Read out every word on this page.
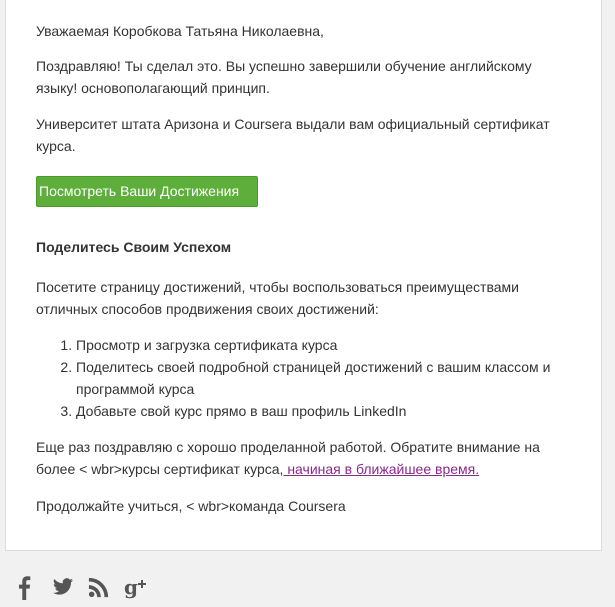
Уважаемая Коробкова Татьяна Николаевна,

Поздравляю! Ты сделал это. Вы успешно завершили обучение английскому языку! основополагающий принцип.

Университет штата Аризона и Coursera выдали вам официальный сертификат курса.

Посмотреть Ваши Достижения

Поделитесь Своим Успехом

Посетите страницу достижений, чтобы воспользоваться преимуществами отличных способов продвижения своих достижений:

1. Просмотр и загрузка сертификата курса
2. Поделитесь своей подробной страницей достижений с вашим классом и программой курса
3. Добавьте свой курс прямо в ваш профиль LinkedIn

Еще раз поздравляю с хорошо проделанной работой. Обратите внимание на более < wbr>курсы сертификат курса, начиная в ближайшее время.

Продолжайте учиться, < wbr>команда Coursera

g
